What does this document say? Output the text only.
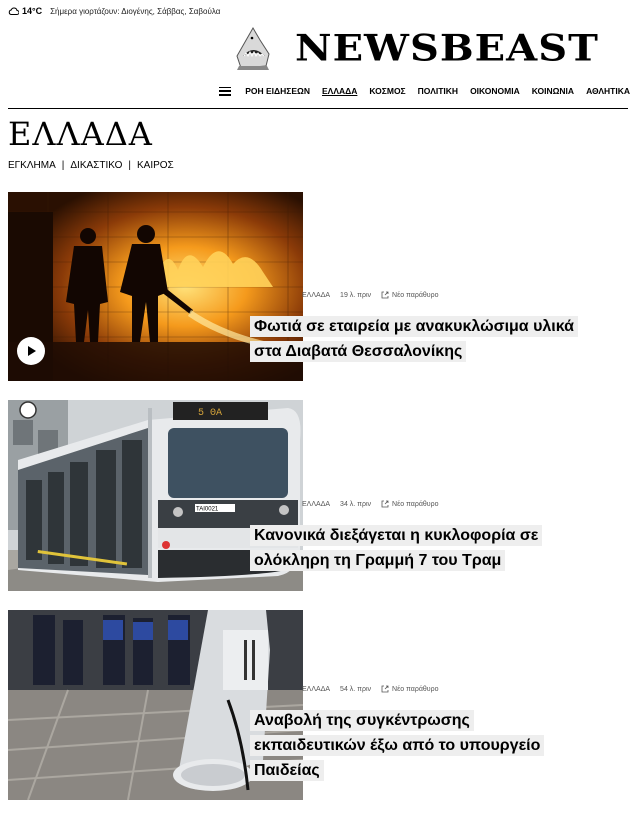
14°C Σήμερα γιορτάζουν: Διογένης, Σάββας, Σαβούλα
NEWSBEAST
ΡΟΗ ΕΙΔΗΣΕΩΝ ΕΛΛΑΔΑ ΚΟΣΜΟΣ ΠΟΛΙΤΙΚΗ ΟΙΚΟΝΟΜΙΑ ΚΟΙΝΩΝΙΑ ΑΘΛΗΤΙΚΑ
ΕΛΛΑΔΑ
ΕΓΚΛΗΜΑ | ΔΙΚΑΣΤΙΚΟ | ΚΑΙΡΟΣ
ΕΛΛΑΔΑ 19 λ. πριν	Νέο παράθυρο
Φωτιά σε εταιρεία με ανακυκλώσιμα υλικά
στα Διαβατά Θεσσαλονίκης
5 ΘΑ
ΤΑΙ0021
ΕΛΛΑΔΑ 34 λ. πριν	Νέο παράθυρο
Κανονικά διεξάγεται η κυκλοφορία σε
ολόκληρη τη Γραμμή 7 του Τραμ
ΕΛΛΑΔΑ 54 λ. πριν	Νέο παράθυρο
Αναβολή της συγκέντρωσης
εκπαιδευτικών έξω από το υπουργείο
Παιδείας
